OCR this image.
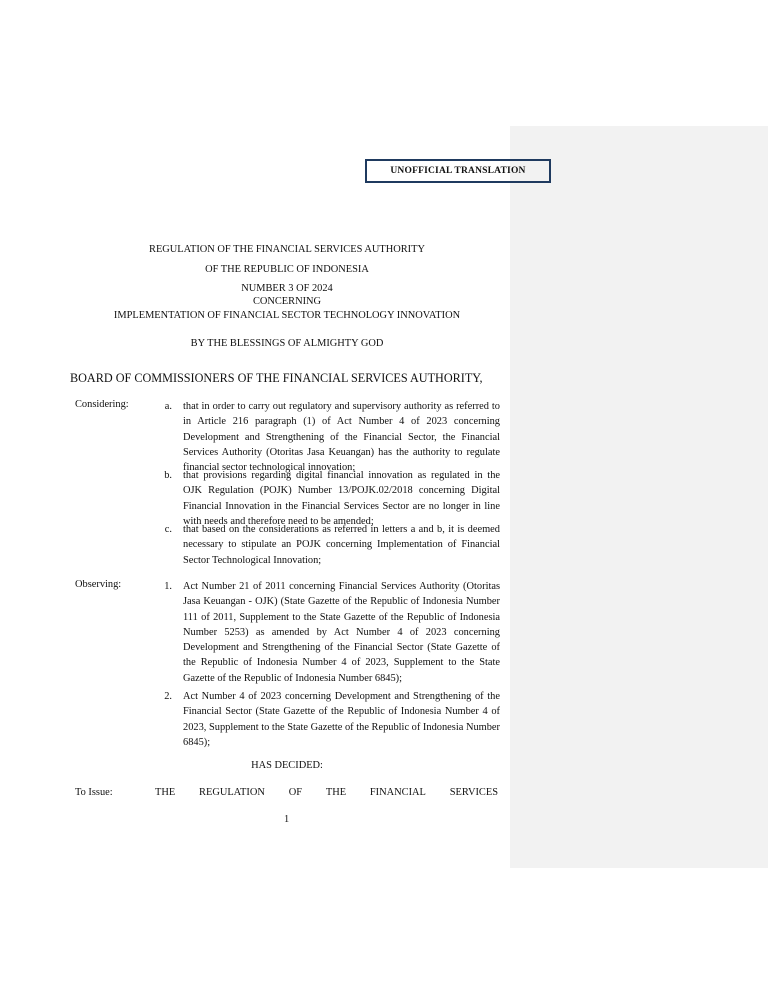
UNOFFICIAL TRANSLATION
REGULATION OF THE FINANCIAL SERVICES AUTHORITY
OF THE REPUBLIC OF INDONESIA
NUMBER 3 OF 2024
CONCERNING
IMPLEMENTATION OF FINANCIAL SECTOR TECHNOLOGY INNOVATION
BY THE BLESSINGS OF ALMIGHTY GOD
BOARD OF COMMISSIONERS OF THE FINANCIAL SERVICES AUTHORITY,
Considering:	a. that in order to carry out regulatory and supervisory authority as referred to in Article 216 paragraph (1) of Act Number 4 of 2023 concerning Development and Strengthening of the Financial Sector, the Financial Services Authority (Otoritas Jasa Keuangan) has the authority to regulate financial sector technological innovation;
b. that provisions regarding digital financial innovation as regulated in the OJK Regulation (POJK) Number 13/POJK.02/2018 concerning Digital Financial Innovation in the Financial Services Sector are no longer in line with needs and therefore need to be amended;
c. that based on the considerations as referred in letters a and b, it is deemed necessary to stipulate an POJK concerning Implementation of Financial Sector Technological Innovation;
Observing:	1. Act Number 21 of 2011 concerning Financial Services Authority (Otoritas Jasa Keuangan - OJK) (State Gazette of the Republic of Indonesia Number 111 of 2011, Supplement to the State Gazette of the Republic of Indonesia Number 5253) as amended by Act Number 4 of 2023 concerning Development and Strengthening of the Financial Sector (State Gazette of the Republic of Indonesia Number 4 of 2023, Supplement to the State Gazette of the Republic of Indonesia Number 6845);
2. Act Number 4 of 2023 concerning Development and Strengthening of the Financial Sector (State Gazette of the Republic of Indonesia Number 4 of 2023, Supplement to the State Gazette of the Republic of Indonesia Number 6845);
HAS DECIDED:
To Issue:	THE REGULATION OF THE FINANCIAL SERVICES
1
